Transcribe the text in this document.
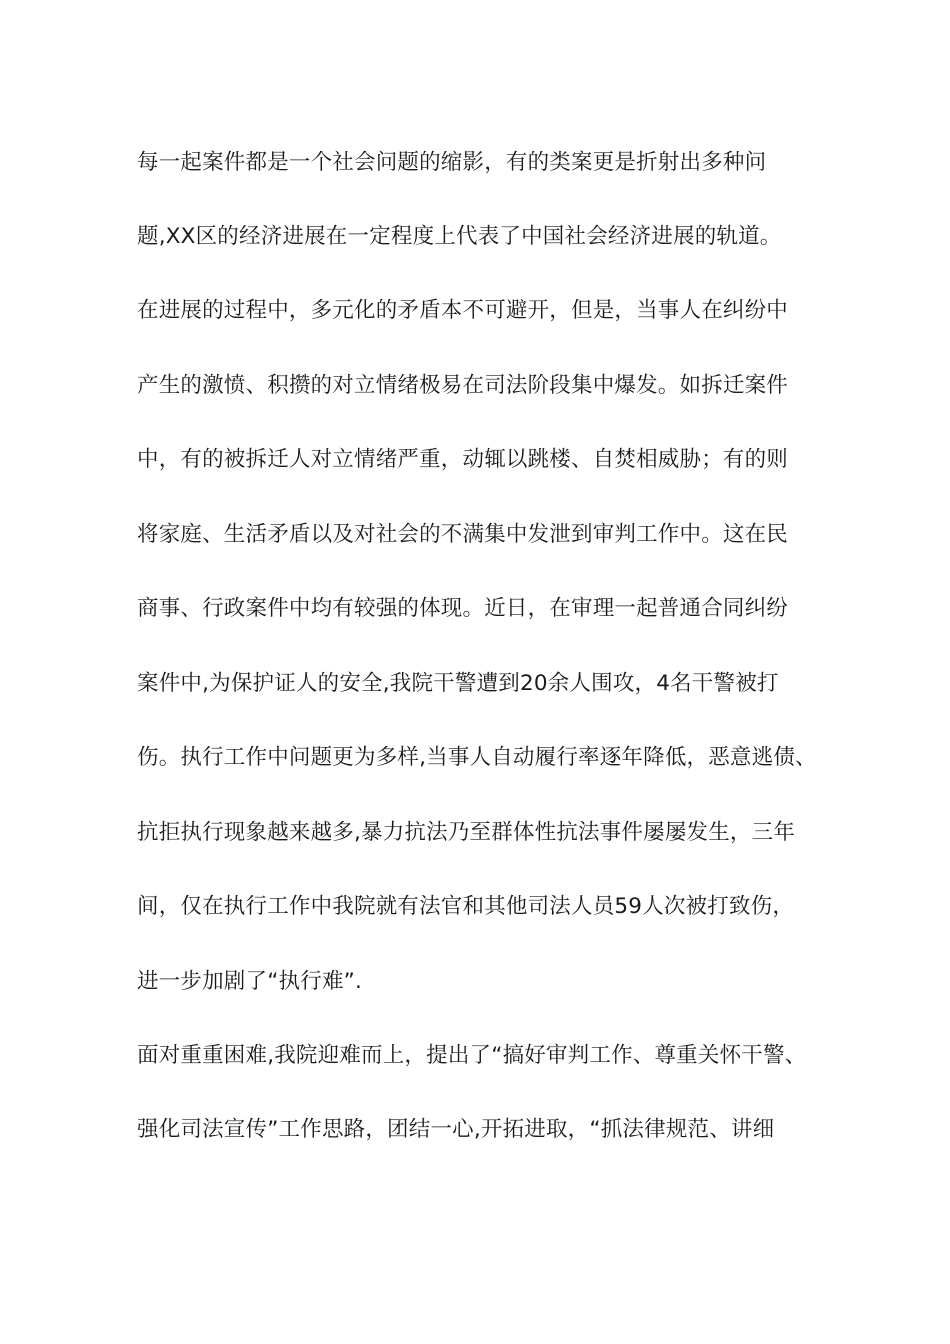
每一起案件都是一个社会问题的缩影，有的类案更是折射出多种问
题,XX区的经济进展在一定程度上代表了中国社会经济进展的轨道。
在进展的过程中，多元化的矛盾本不可避开，但是，当事人在纠纷中
产生的激愤、积攒的对立情绪极易在司法阶段集中爆发。如拆迁案件
中，有的被拆迁人对立情绪严重，动辄以跳楼、自焚相威胁；有的则
将家庭、生活矛盾以及对社会的不满集中发泄到审判工作中。这在民
商事、行政案件中均有较强的体现。近日，在审理一起普通合同纠纷
案件中,为保护证人的安全,我院干警遭到20余人围攻，4名干警被打
伤。执行工作中问题更为多样,当事人自动履行率逐年降低，恶意逃债、
抗拒执行现象越来越多,暴力抗法乃至群体性抗法事件屡屡发生，三年
间，仅在执行工作中我院就有法官和其他司法人员59人次被打致伤，
进一步加剧了“执行难”.
面对重重困难,我院迎难而上，提出了“搞好审判工作、尊重关怀干警、
强化司法宣传”工作思路，团结一心,开拓进取，“抓法律规范、讲细
